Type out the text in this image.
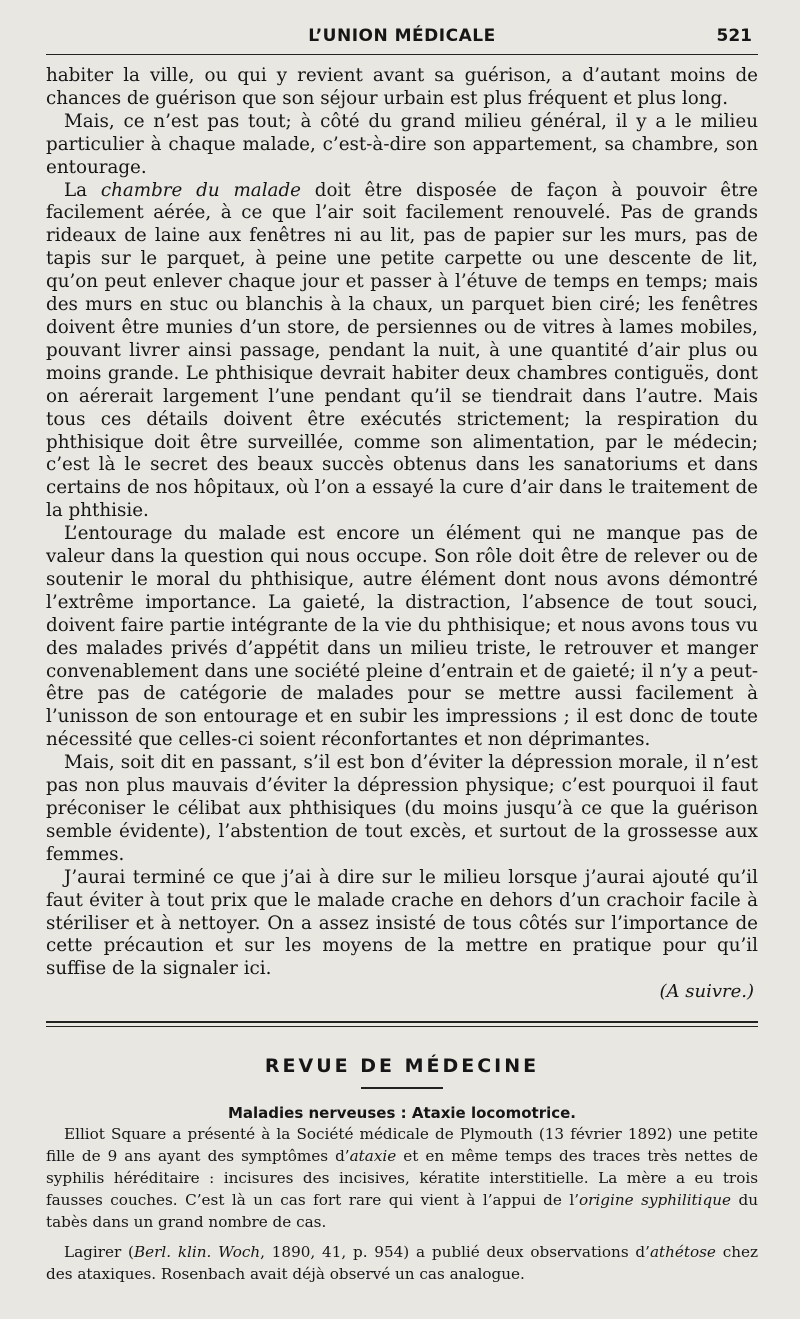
L’UNION MÉDICALE	521

habiter la ville, ou qui y revient avant sa guérison, a d’autant moins de chances de guérison que son séjour urbain est plus fréquent et plus long.

Mais, ce n’est pas tout; à côté du grand milieu général, il y a le milieu particulier à chaque malade, c’est-à-dire son appartement, sa chambre, son entourage.

La chambre du malade doit être disposée de façon à pouvoir être facilement aérée, à ce que l’air soit facilement renouvelé. Pas de grands rideaux de laine aux fenêtres ni au lit, pas de papier sur les murs, pas de tapis sur le parquet, à peine une petite carpette ou une descente de lit, qu’on peut enlever chaque jour et passer à l’étuve de temps en temps; mais des murs en stuc ou blanchis à la chaux, un parquet bien ciré; les fenêtres doivent être munies d’un store, de persiennes ou de vitres à lames mobiles, pouvant livrer ainsi passage, pendant la nuit, à une quantité d’air plus ou moins grande. Le phthisique devrait habiter deux chambres contiguës, dont on aérerait largement l’une pendant qu’il se tiendrait dans l’autre. Mais tous ces détails doivent être exécutés strictement; la respiration du phthisique doit être surveillée, comme son alimentation, par le médecin; c’est là le secret des beaux succès obtenus dans les sanatoriums et dans certains de nos hôpitaux, où l’on a essayé la cure d’air dans le traitement de la phthisie.

L’entourage du malade est encore un élément qui ne manque pas de valeur dans la question qui nous occupe. Son rôle doit être de relever ou de soutenir le moral du phthisique, autre élément dont nous avons démontré l’extrême importance. La gaieté, la distraction, l’absence de tout souci, doivent faire partie intégrante de la vie du phthisique; et nous avons tous vu des malades privés d’appétit dans un milieu triste, le retrouver et manger convenablement dans une société pleine d’entrain et de gaieté; il n’y a peut-être pas de catégorie de malades pour se mettre aussi facilement à l’unisson de son entourage et en subir les impressions ; il est donc de toute nécessité que celles-ci soient réconfortantes et non déprimantes.

Mais, soit dit en passant, s’il est bon d’éviter la dépression morale, il n’est pas non plus mauvais d’éviter la dépression physique; c’est pourquoi il faut préconiser le célibat aux phthisiques (du moins jusqu’à ce que la guérison semble évidente), l’abstention de tout excès, et surtout de la grossesse aux femmes.

J’aurai terminé ce que j’ai à dire sur le milieu lorsque j’aurai ajouté qu’il faut éviter à tout prix que le malade crache en dehors d’un crachoir facile à stériliser et à nettoyer. On a assez insisté de tous côtés sur l’importance de cette précaution et sur les moyens de la mettre en pratique pour qu’il suffise de la signaler ici.

(A suivre.)
REVUE DE MÉDECINE
Maladies nerveuses : Ataxie locomotrice.

Elliot Square a présenté à la Société médicale de Plymouth (13 février 1892) une petite fille de 9 ans ayant des symptômes d’ataxie et en même temps des traces très nettes de syphilis héréditaire : incisures des incisives, kératite interstitielle. La mère a eu trois fausses couches. C’est là un cas fort rare qui vient à l’appui de l’origine syphilitique du tabès dans un grand nombre de cas.

Lagirer (Berl. klin. Woch, 1890, 41, p. 954) a publié deux observations d’athétose chez des ataxiques. Rosenbach avait déjà observé un cas analogue.
